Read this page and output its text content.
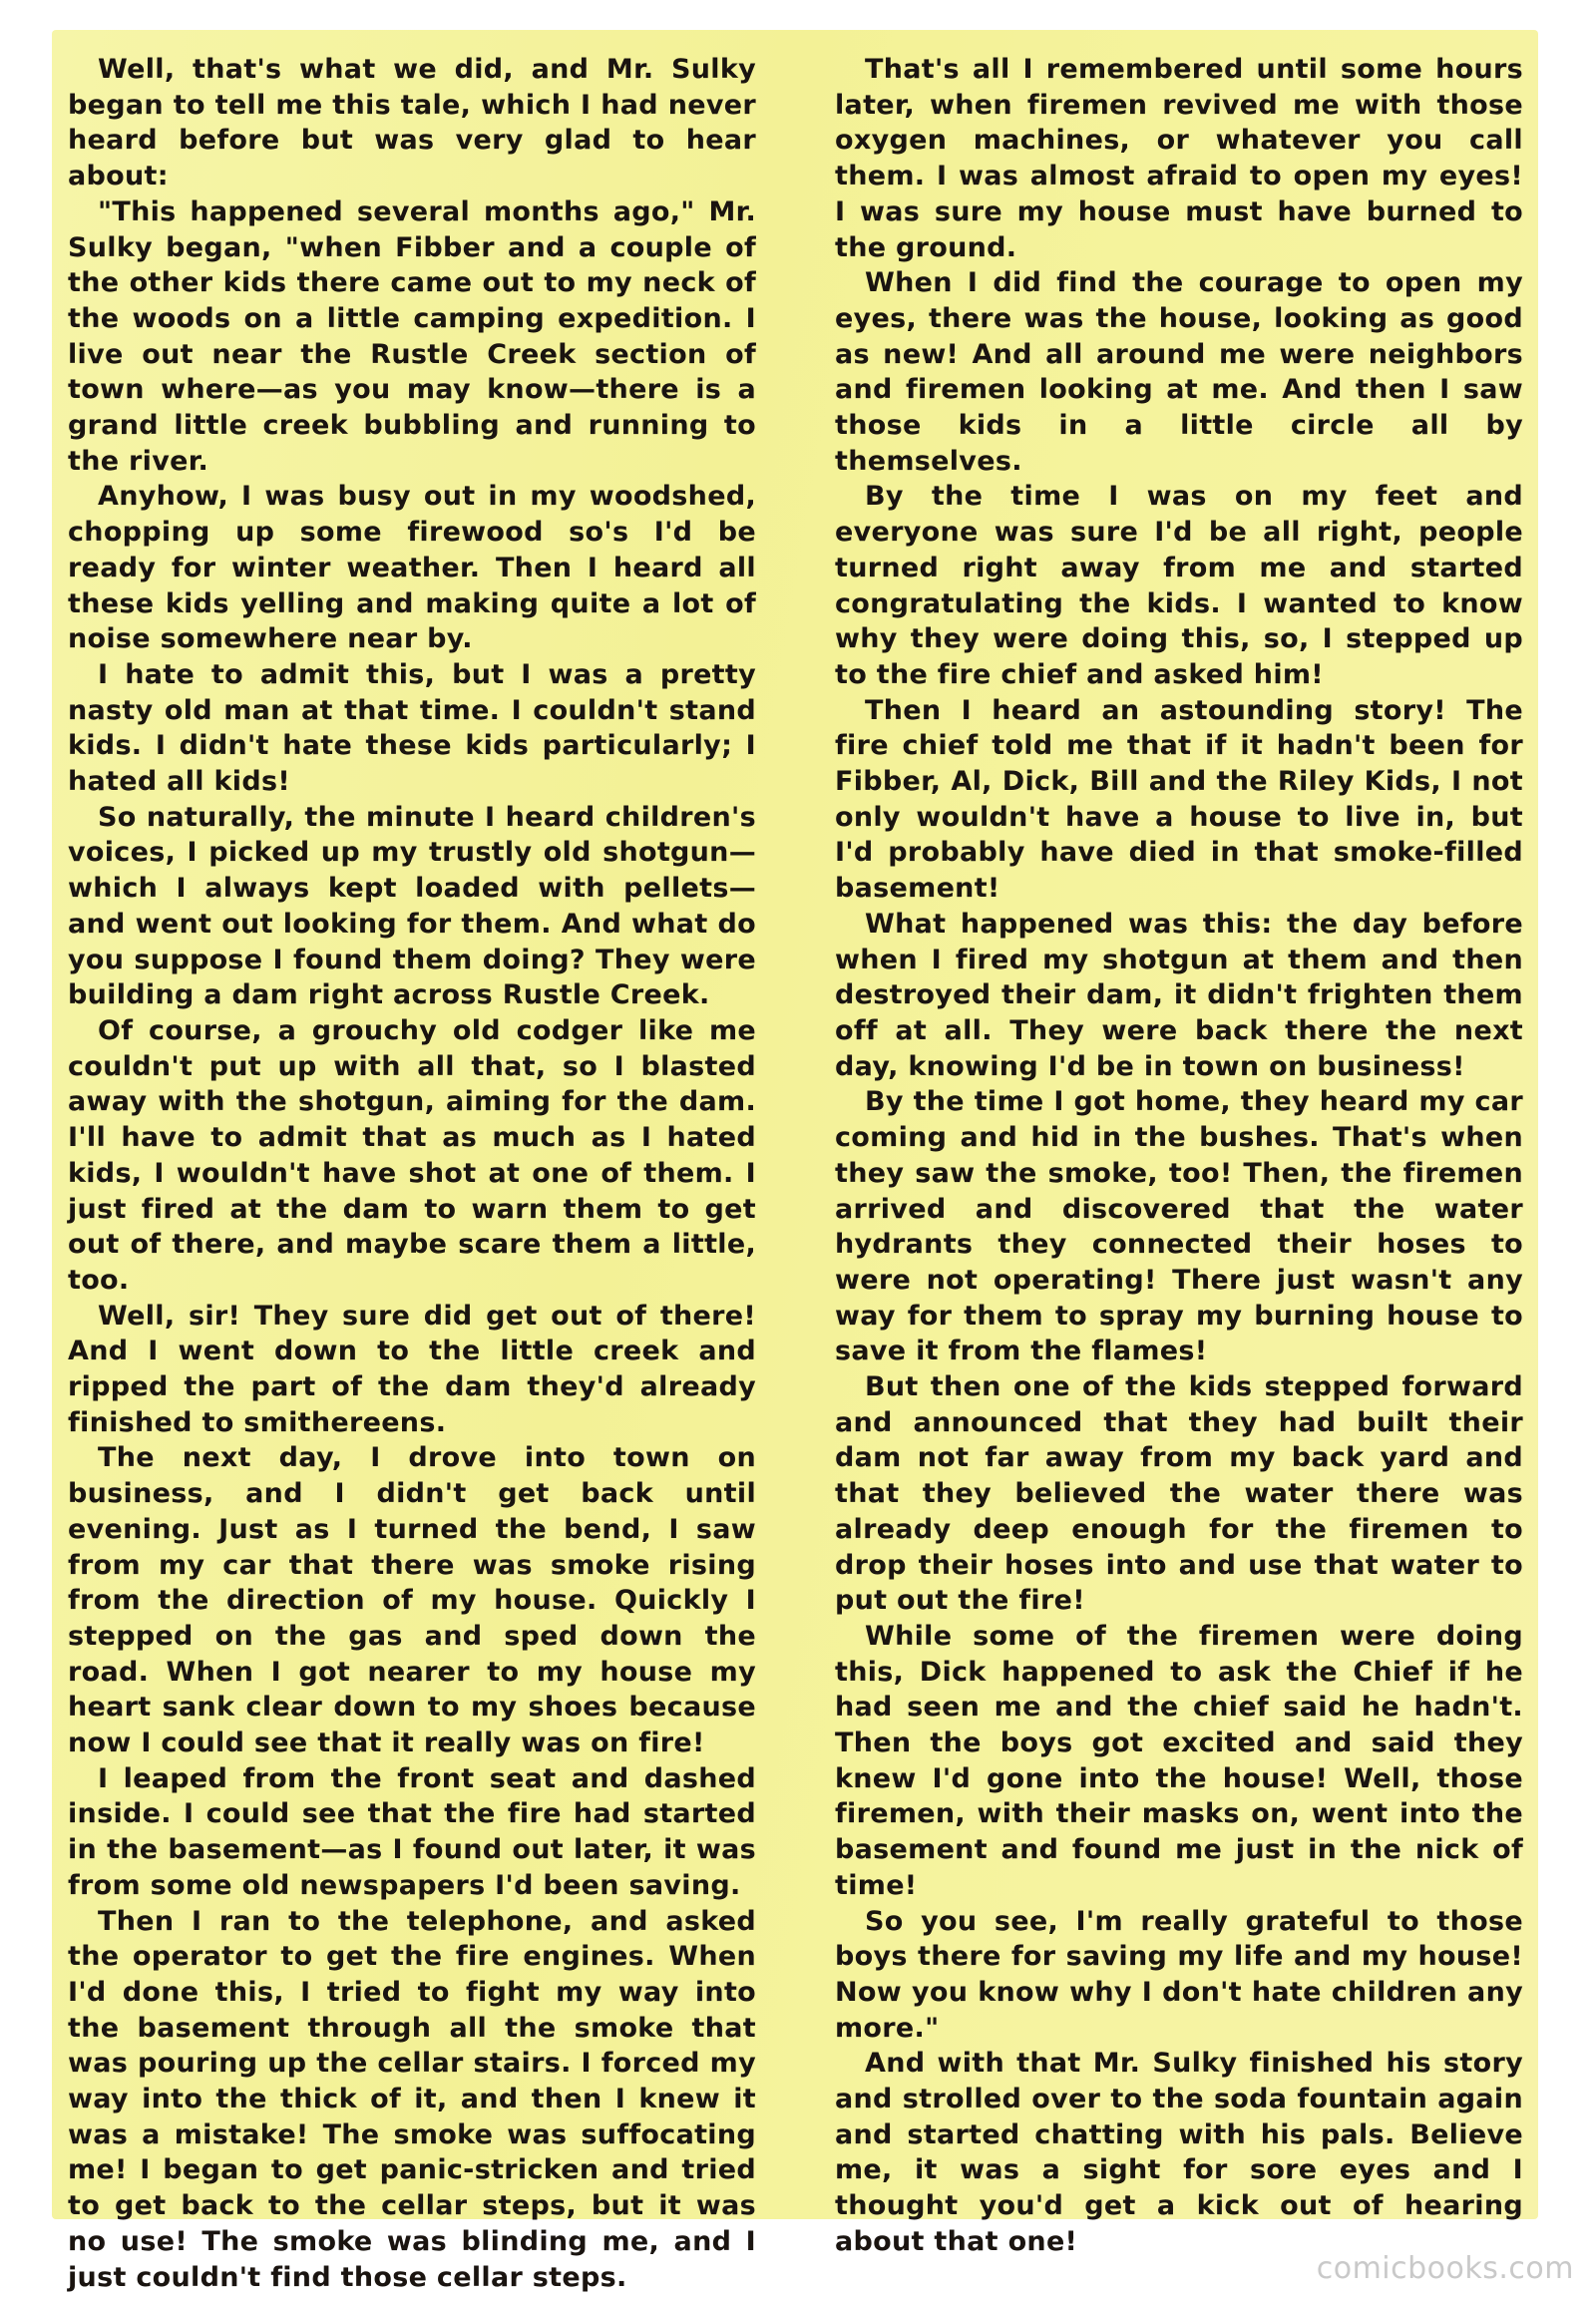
Well, that's what we did, and Mr. Sulky began to tell me this tale, which I had never heard before but was very glad to hear about:

"This happened several months ago," Mr. Sulky began, "when Fibber and a couple of the other kids there came out to my neck of the woods on a little camping expedition. I live out near the Rustle Creek section of town where—as you may know—there is a grand little creek bubbling and running to the river.

Anyhow, I was busy out in my woodshed, chopping up some firewood so's I'd be ready for winter weather. Then I heard all these kids yelling and making quite a lot of noise somewhere near by.

I hate to admit this, but I was a pretty nasty old man at that time. I couldn't stand kids. I didn't hate these kids particularly; I hated all kids!

So naturally, the minute I heard children's voices, I picked up my trustly old shotgun—which I always kept loaded with pellets—and went out looking for them. And what do you suppose I found them doing? They were building a dam right across Rustle Creek.

Of course, a grouchy old codger like me couldn't put up with all that, so I blasted away with the shotgun, aiming for the dam. I'll have to admit that as much as I hated kids, I wouldn't have shot at one of them. I just fired at the dam to warn them to get out of there, and maybe scare them a little, too.

Well, sir! They sure did get out of there! And I went down to the little creek and ripped the part of the dam they'd already finished to smithereens.

The next day, I drove into town on business, and I didn't get back until evening. Just as I turned the bend, I saw from my car that there was smoke rising from the direction of my house. Quickly I stepped on the gas and sped down the road. When I got nearer to my house my heart sank clear down to my shoes because now I could see that it really was on fire!

I leaped from the front seat and dashed inside. I could see that the fire had started in the basement—as I found out later, it was from some old newspapers I'd been saving.

Then I ran to the telephone, and asked the operator to get the fire engines. When I'd done this, I tried to fight my way into the basement through all the smoke that was pouring up the cellar stairs. I forced my way into the thick of it, and then I knew it was a mistake! The smoke was suffocating me! I began to get panic-stricken and tried to get back to the cellar steps, but it was no use! The smoke was blinding me, and I just couldn't find those cellar steps.

That's all I remembered until some hours later, when firemen revived me with those oxygen machines, or whatever you call them. I was almost afraid to open my eyes! I was sure my house must have burned to the ground.

When I did find the courage to open my eyes, there was the house, looking as good as new! And all around me were neighbors and firemen looking at me. And then I saw those kids in a little circle all by themselves.

By the time I was on my feet and everyone was sure I'd be all right, people turned right away from me and started congratulating the kids. I wanted to know why they were doing this, so, I stepped up to the fire chief and asked him!

Then I heard an astounding story! The fire chief told me that if it hadn't been for Fibber, Al, Dick, Bill and the Riley Kids, I not only wouldn't have a house to live in, but I'd probably have died in that smoke-filled basement!

What happened was this: the day before when I fired my shotgun at them and then destroyed their dam, it didn't frighten them off at all. They were back there the next day, knowing I'd be in town on business!

By the time I got home, they heard my car coming and hid in the bushes. That's when they saw the smoke, too! Then, the firemen arrived and discovered that the water hydrants they connected their hoses to were not operating! There just wasn't any way for them to spray my burning house to save it from the flames!

But then one of the kids stepped forward and announced that they had built their dam not far away from my back yard and that they believed the water there was already deep enough for the firemen to drop their hoses into and use that water to put out the fire!

While some of the firemen were doing this, Dick happened to ask the Chief if he had seen me and the chief said he hadn't. Then the boys got excited and said they knew I'd gone into the house! Well, those firemen, with their masks on, went into the basement and found me just in the nick of time!

So you see, I'm really grateful to those boys there for saving my life and my house! Now you know why I don't hate children any more."

And with that Mr. Sulky finished his story and strolled over to the soda fountain again and started chatting with his pals. Believe me, it was a sight for sore eyes and I thought you'd get a kick out of hearing about that one!

comicbooks.com
